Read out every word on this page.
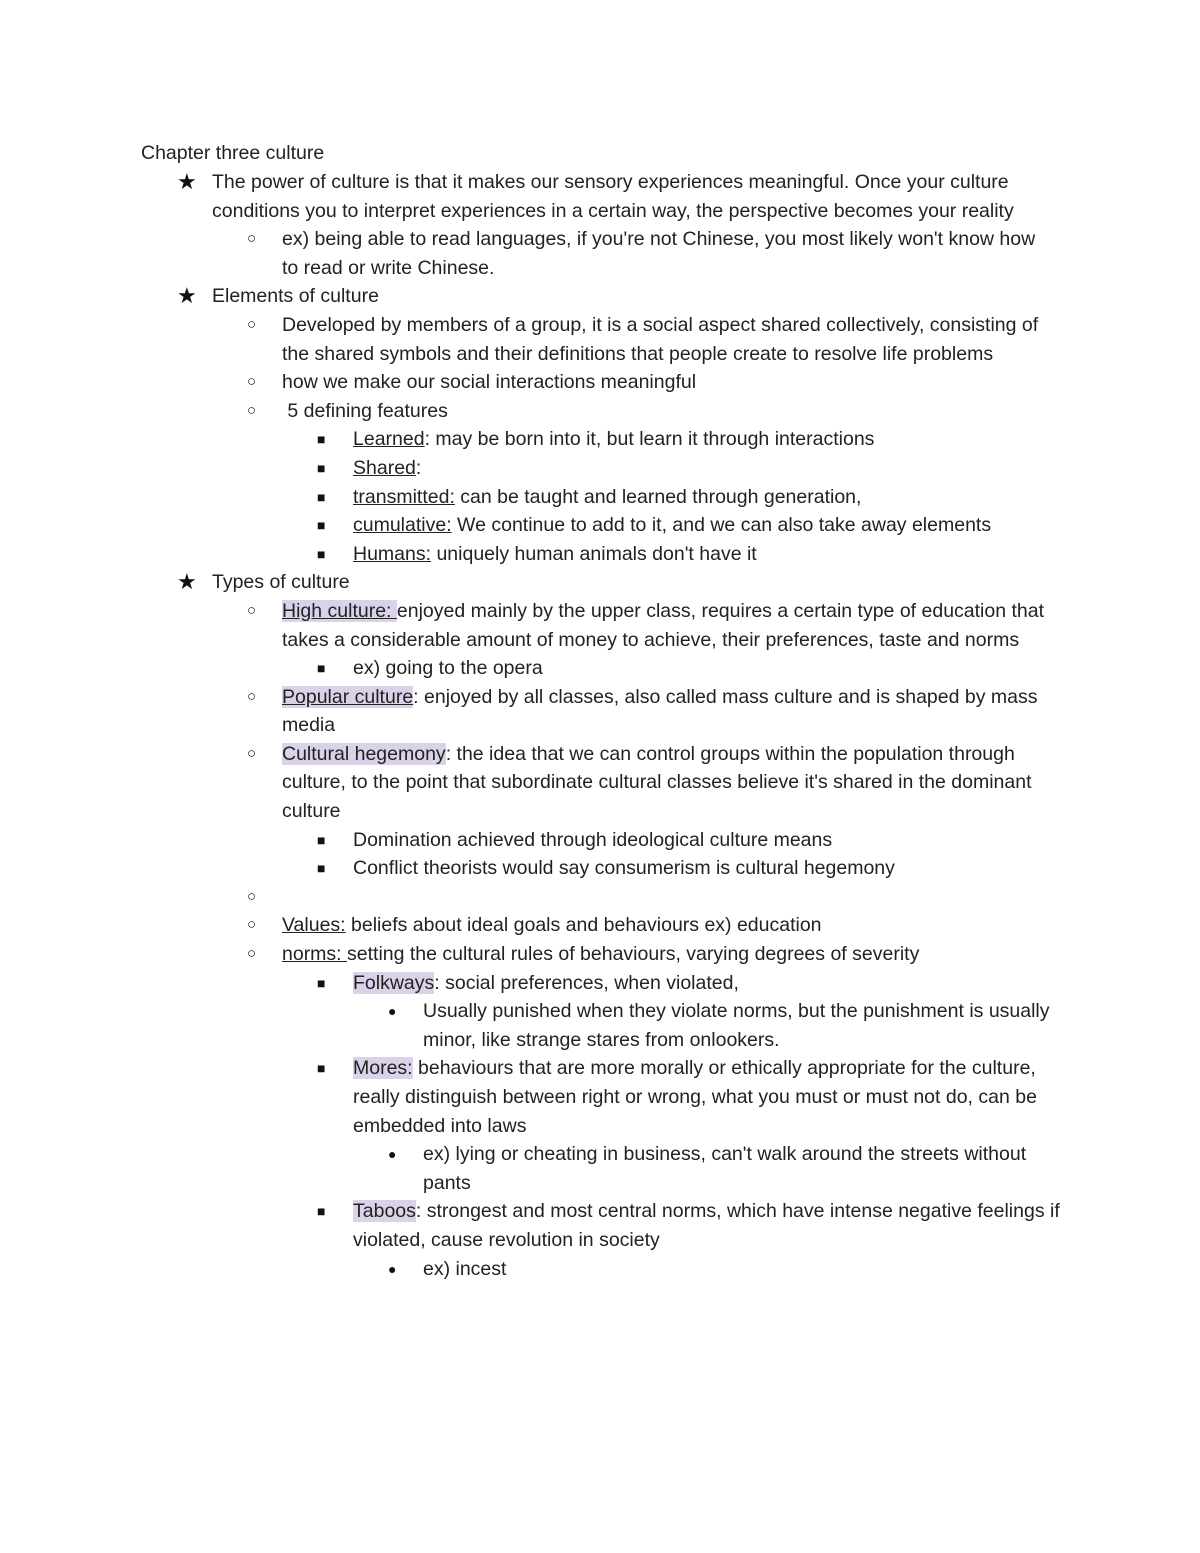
Chapter three culture
★ The power of culture is that it makes our sensory experiences meaningful. Once your culture conditions you to interpret experiences in a certain way, the perspective becomes your reality
○ ex) being able to read languages, if you're not Chinese, you most likely won't know how to read or write Chinese.
★ Elements of culture
○ Developed by members of a group, it is a social aspect shared collectively, consisting of the shared symbols and their definitions that people create to resolve life problems
○ how we make our social interactions meaningful
○ 5 defining features
■ Learned: may be born into it, but learn it through interactions
■ Shared:
■ transmitted: can be taught and learned through generation,
■ cumulative: We continue to add to it, and we can also take away elements
■ Humans: uniquely human animals don't have it
★ Types of culture
○ High culture: enjoyed mainly by the upper class, requires a certain type of education that takes a considerable amount of money to achieve, their preferences, taste and norms
■ ex) going to the opera
○ Popular culture: enjoyed by all classes, also called mass culture and is shaped by mass media
○ Cultural hegemony: the idea that we can control groups within the population through culture, to the point that subordinate cultural classes believe it's shared in the dominant culture
■ Domination achieved through ideological culture means
■ Conflict theorists would say consumerism is cultural hegemony
○
○ Values: beliefs about ideal goals and behaviours ex) education
○ norms: setting the cultural rules of behaviours, varying degrees of severity
■ Folkways: social preferences, when violated,
● Usually punished when they violate norms, but the punishment is usually minor, like strange stares from onlookers.
■ Mores: behaviours that are more morally or ethically appropriate for the culture, really distinguish between right or wrong, what you must or must not do, can be embedded into laws
● ex) lying or cheating in business, can't walk around the streets without pants
■ Taboos: strongest and most central norms, which have intense negative feelings if violated, cause revolution in society
● ex) incest
